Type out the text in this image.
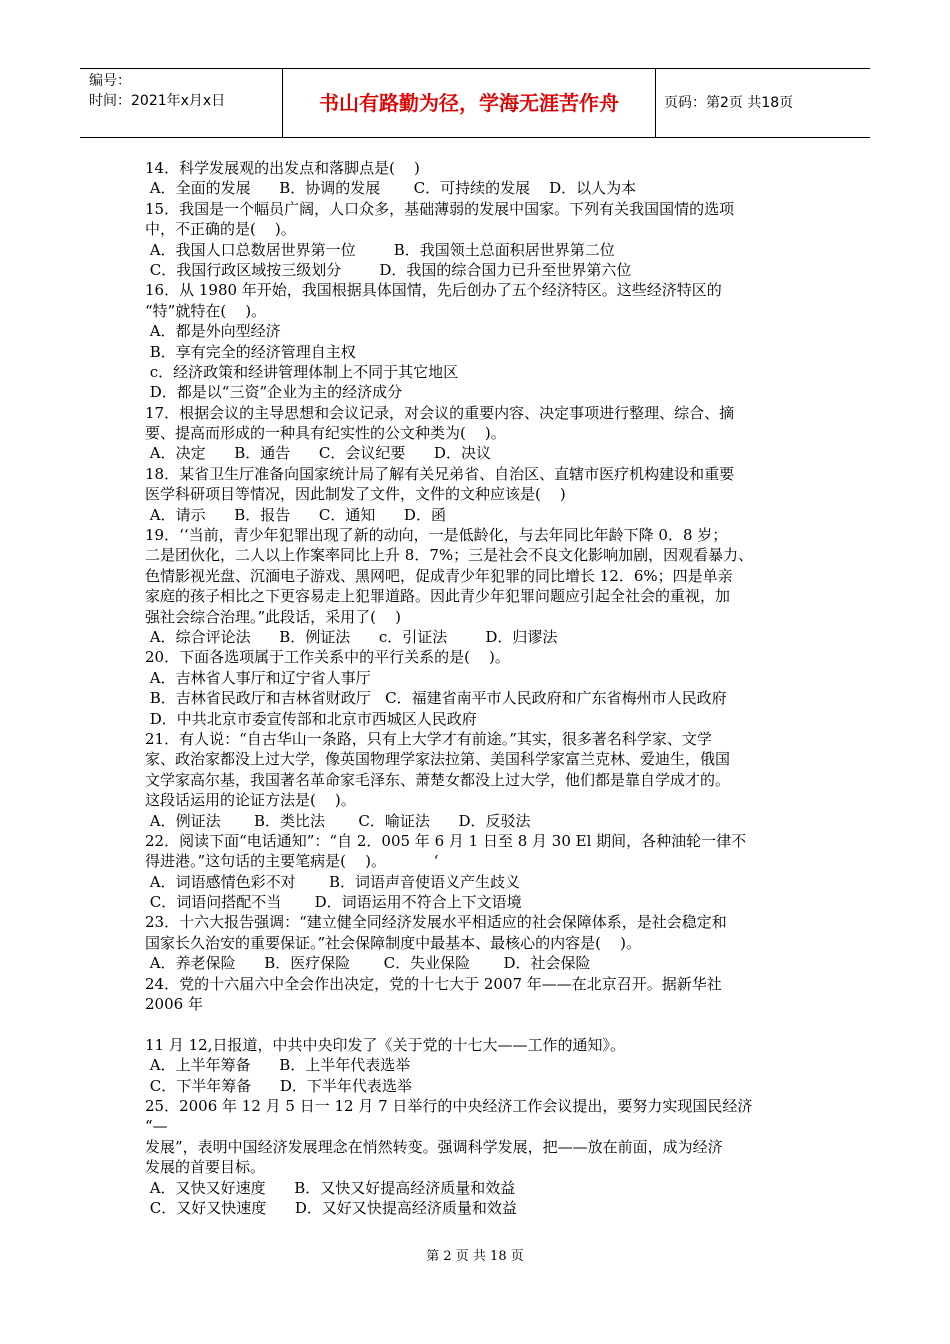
编号：
时间：2021年x月x日	书山有路勤为径，学海无涯苦作舟	页码：第2页 共18页
14．科学发展观的出发点和落脚点是(    )
A．全面的发展      B．协调的发展       C．可持续的发展    D．以人为本
15．我国是一个幅员广阔，人口众多，基础薄弱的发展中国家。下列有关我国国情的选项
中，不正确的是(    )。
A．我国人口总数居世界第一位        B．我国领土总面积居世界第二位
C．我国行政区域按三级划分        D．我国的综合国力已升至世界第六位
16．从 1980 年开始，我国根据具体国情，先后创办了五个经济特区。这些经济特区的
“特”就特在(    )。
A．都是外向型经济
B．享有完全的经济管理自主权
c．经济政策和经讲管理体制上不同于其它地区
D．都是以“三资”企业为主的经济成分
17．根据会议的主导思想和会议记录，对会议的重要内容、决定事项进行整理、综合、摘
要、提高而形成的一种具有纪实性的公文种类为(    )。
A．决定      B．通告      C．会议纪要      D．决议
18．某省卫生厅准备向国家统计局了解有关兄弟省、自治区、直辖市医疗机构建设和重要
医学科研项目等情况，因此制发了文件，文件的文种应该是(    )
A．请示      B．报告      C．通知      D．函
19．‘‘当前，青少年犯罪出现了新的动向，一是低龄化，与去年同比年龄下降 0．8 岁；
二是团伙化，二人以上作案率同比上升 8．7%；三是社会不良文化影响加剧，因观看暴力、
色情影视光盘、沉湎电子游戏、黑网吧，促成青少年犯罪的同比增长 12．6%；四是单亲
家庭的孩子相比之下更容易走上犯罪道路。因此青少年犯罪问题应引起全社会的重视，加
强社会综合治理。”此段话，采用了(    )
A．综合评论法      B．例证法      c．引证法        D．归谬法
20．下面各选项属于工作关系中的平行关系的是(    )。
A．吉林省人事厅和辽宁省人事厅
B．吉林省民政厅和吉林省财政厅   C．福建省南平市人民政府和广东省梅州市人民政府
D．中共北京市委宣传部和北京市西城区人民政府
21．有人说：“自古华山一条路，只有上大学才有前途。”其实，很多著名科学家、文学
家、政治家都没上过大学，像英国物理学家法拉第、美国科学家富兰克林、爱迪生，俄国
文学家高尔基，我国著名革命家毛泽东、萧楚女都没上过大学，他们都是靠自学成才的。
这段话运用的论证方法是(    )。
A．例证法       B．类比法       C．喻证法      D．反驳法
22．阅读下面“电话通知”：“自 2．005 年 6 月 1 日至 8 月 30 El 期间，各种油轮一律不
得进港。”这句话的主要笔病是(    )。          ‘
A．词语感情色彩不对       B．词语声音使语义产生歧义
C．词语问搭配不当       D．词语运用不符合上下文语境
23．十六大报告强调：“建立健全同经济发展水平相适应的社会保障体系，是社会稳定和
国家长久治安的重要保证。”社会保障制度中最基本、最核心的内容是(    )。
A．养老保险      B．医疗保险       C．失业保险       D．社会保险
24．党的十六届六中全会作出决定，党的十七大于 2007 年——在北京召开。据新华社
2006 年
11 月 12,日报道，中共中央印发了《关于党的十七大——工作的通知》。
A．上半年筹备      B．上半年代表选举
C．下半年筹备      D．下半年代表选举
25．2006 年 12 月 5 日一 12 月 7 日举行的中央经济工作会议提出，要努力实现国民经济
“—
发展”，表明中国经济发展理念在悄然转变。强调科学发展，把——放在前面，成为经济
发展的首要目标。
A．又快又好速度      B．又快又好提高经济质量和效益
C．又好又快速度      D．又好又快提高经济质量和效益
第 2 页 共 18 页
